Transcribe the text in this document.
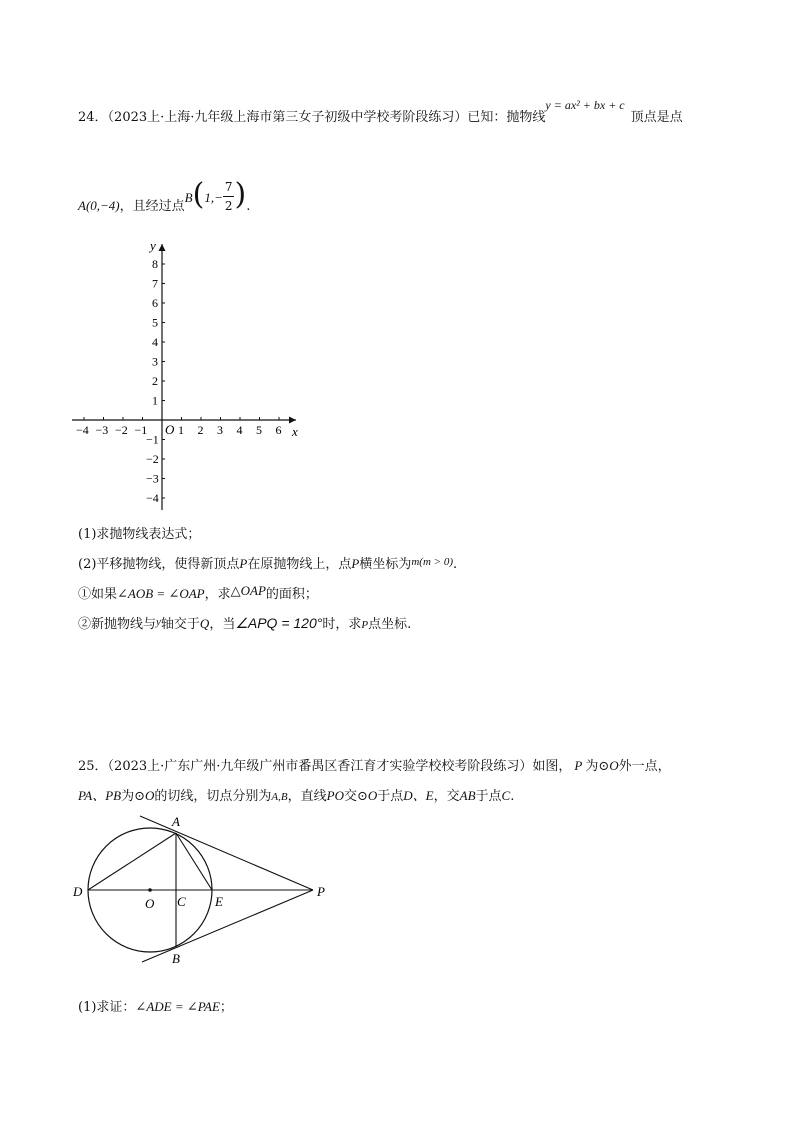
24．（2023上·上海·九年级上海市第三女子初级中学校考阶段练习）已知：抛物线y = ax² + bx + c顶点是点
A(0,−4)，且经过点$B(1,- \frac{7}{2}$ ).
−4 −3 −2 −1	1 2 3 4 5 6
8
7
6
5
4
3
2
1
−1
−2
−3
−4
x
y
O
(1)求抛物线表达式；
(2)平移抛物线，使得新顶点P在原抛物线上，点P横坐标为$^{m(m > 0)}$.
①如果∠AOB = ∠OAP，求△OAP的面积；
②新抛物线与$^y$轴交于Q，当∠APQ = 120°时，求P点坐标.
25．（2023上·广东广州·九年级广州市番禺区香江育才实验学校校考阶段练习）如图， P 为⊙O外一点，
PA、PB为⊙O的切线，切点分别为A,B，直线PO交⊙O于点D、E，交AB于点C.
A
B
C
D
E
O
P
(1)求证：∠ADE = ∠PAE；
